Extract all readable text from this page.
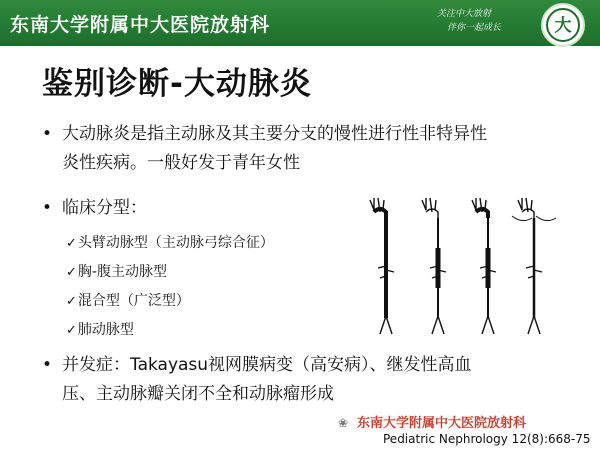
东南大学附属中大医院放射科	关注中大放射
伴你一起成长	大
鉴别诊断-大动脉炎
• 大动脉炎是指主动脉及其主要分支的慢性进行性非特异性
炎性疾病。一般好发于青年女性
• 临床分型：
✓头臂动脉型（主动脉弓综合征）
✓胸-腹主动脉型
✓混合型（广泛型）
✓肺动脉型
• 并发症：Takayasu视网膜病变（高安病）、继发性高血
压、主动脉瓣关闭不全和动脉瘤形成
❀ 东南大学附属中大医院放射科
Pediatric Nephrology 12(8):668-75
